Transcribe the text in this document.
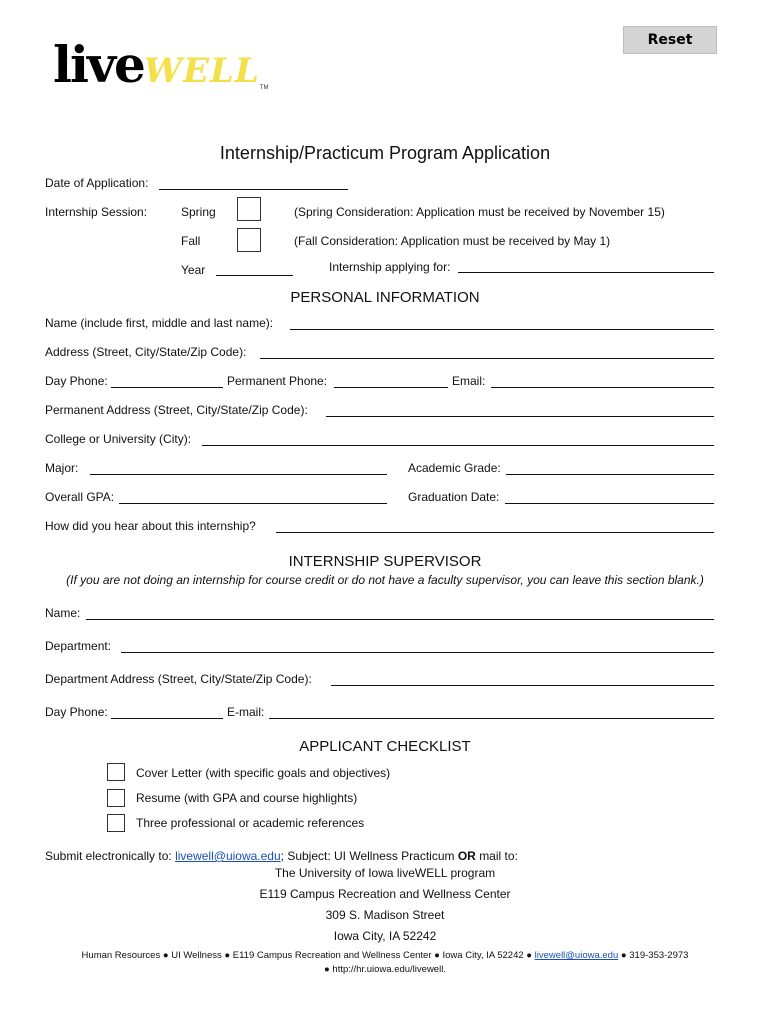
Reset
liveWELLTM
Internship/Practicum Program Application
Date of Application:
Internship Session:	Spring	(Spring Consideration: Application must be received by November 15)
Fall	(Fall Consideration: Application must be received by May 1)
Year	Internship applying for:
PERSONAL INFORMATION
Name (include first, middle and last name):
Address (Street, City/State/Zip Code):
Day Phone:	Permanent Phone:	Email:
Permanent Address (Street, City/State/Zip Code):
College or University (City):
Major:	Academic Grade:
Overall GPA:	Graduation Date:
How did you hear about this internship?
INTERNSHIP SUPERVISOR
(If you are not doing an internship for course credit or do not have a faculty supervisor, you can leave this section blank.)
Name:
Department:
Department Address (Street, City/State/Zip Code):
Day Phone:	E-mail:
APPLICANT CHECKLIST
Cover Letter (with specific goals and objectives)
Resume (with GPA and course highlights)
Three professional or academic references
Submit electronically to: livewell@uiowa.edu; Subject: UI Wellness Practicum OR mail to:
The University of Iowa liveWELL program
E119 Campus Recreation and Wellness Center
309 S. Madison Street
Iowa City, IA 52242
Human Resources ● UI Wellness ● E119 Campus Recreation and Wellness Center ● Iowa City, IA 52242 ● livewell@uiowa.edu ● 319-353-2973
● http://hr.uiowa.edu/livewell.
